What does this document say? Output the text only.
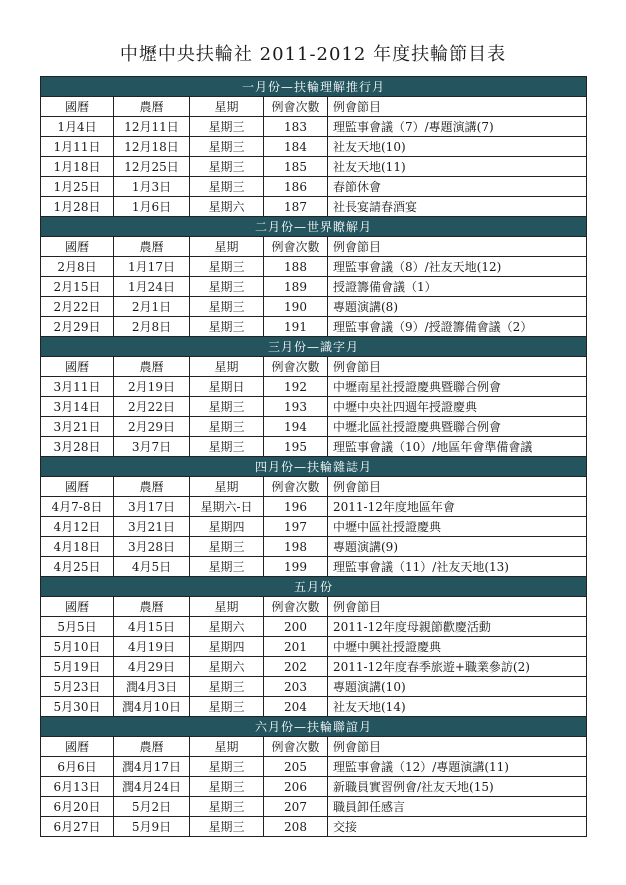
中壢中央扶輪社 2011-2012 年度扶輪節目表
一月份—扶輪理解推行月				
國曆	農曆	星期	例會次數	例會節目
1月4日	12月11日	星期三	183	理監事會議（7）/專題演講(7)
1月11日	12月18日	星期三	184	社友天地(10)
1月18日	12月25日	星期三	185	社友天地(11)
1月25日	1月3日	星期三	186	春節休會
1月28日	1月6日	星期六	187	社長宴請春酒宴
二月份—世界瞭解月				
國曆	農曆	星期	例會次數	例會節目
2月8日	1月17日	星期三	188	理監事會議（8）/社友天地(12)
2月15日	1月24日	星期三	189	授證籌備會議（1）
2月22日	2月1日	星期三	190	專題演講(8)
2月29日	2月8日	星期三	191	理監事會議（9）/授證籌備會議（2）
三月份—識字月				
國曆	農曆	星期	例會次數	例會節目
3月11日	2月19日	星期日	192	中壢南星社授證慶典暨聯合例會
3月14日	2月22日	星期三	193	中壢中央社四週年授證慶典
3月21日	2月29日	星期三	194	中壢北區社授證慶典暨聯合例會
3月28日	3月7日	星期三	195	理監事會議（10）/地區年會準備會議
四月份—扶輪雜誌月				
國曆	農曆	星期	例會次數	例會節目
4月7-8日	3月17日	星期六-日	196	2011-12年度地區年會
4月12日	3月21日	星期四	197	中壢中區社授證慶典
4月18日	3月28日	星期三	198	專題演講(9)
4月25日	4月5日	星期三	199	理監事會議（11）/社友天地(13)
五月份				
國曆	農曆	星期	例會次數	例會節目
5月5日	4月15日	星期六	200	2011-12年度母親節歡慶活動
5月10日	4月19日	星期四	201	中壢中興社授證慶典
5月19日	4月29日	星期六	202	2011-12年度春季旅遊+職業參訪(2)
5月23日	潤4月3日	星期三	203	專題演講(10)
5月30日	潤4月10日	星期三	204	社友天地(14)
六月份—扶輪聯誼月				
國曆	農曆	星期	例會次數	例會節目
6月6日	潤4月17日	星期三	205	理監事會議（12）/專題演講(11)
6月13日	潤4月24日	星期三	206	新職員實習例會/社友天地(15)
6月20日	5月2日	星期三	207	職員卸任感言
6月27日	5月9日	星期三	208	交接
